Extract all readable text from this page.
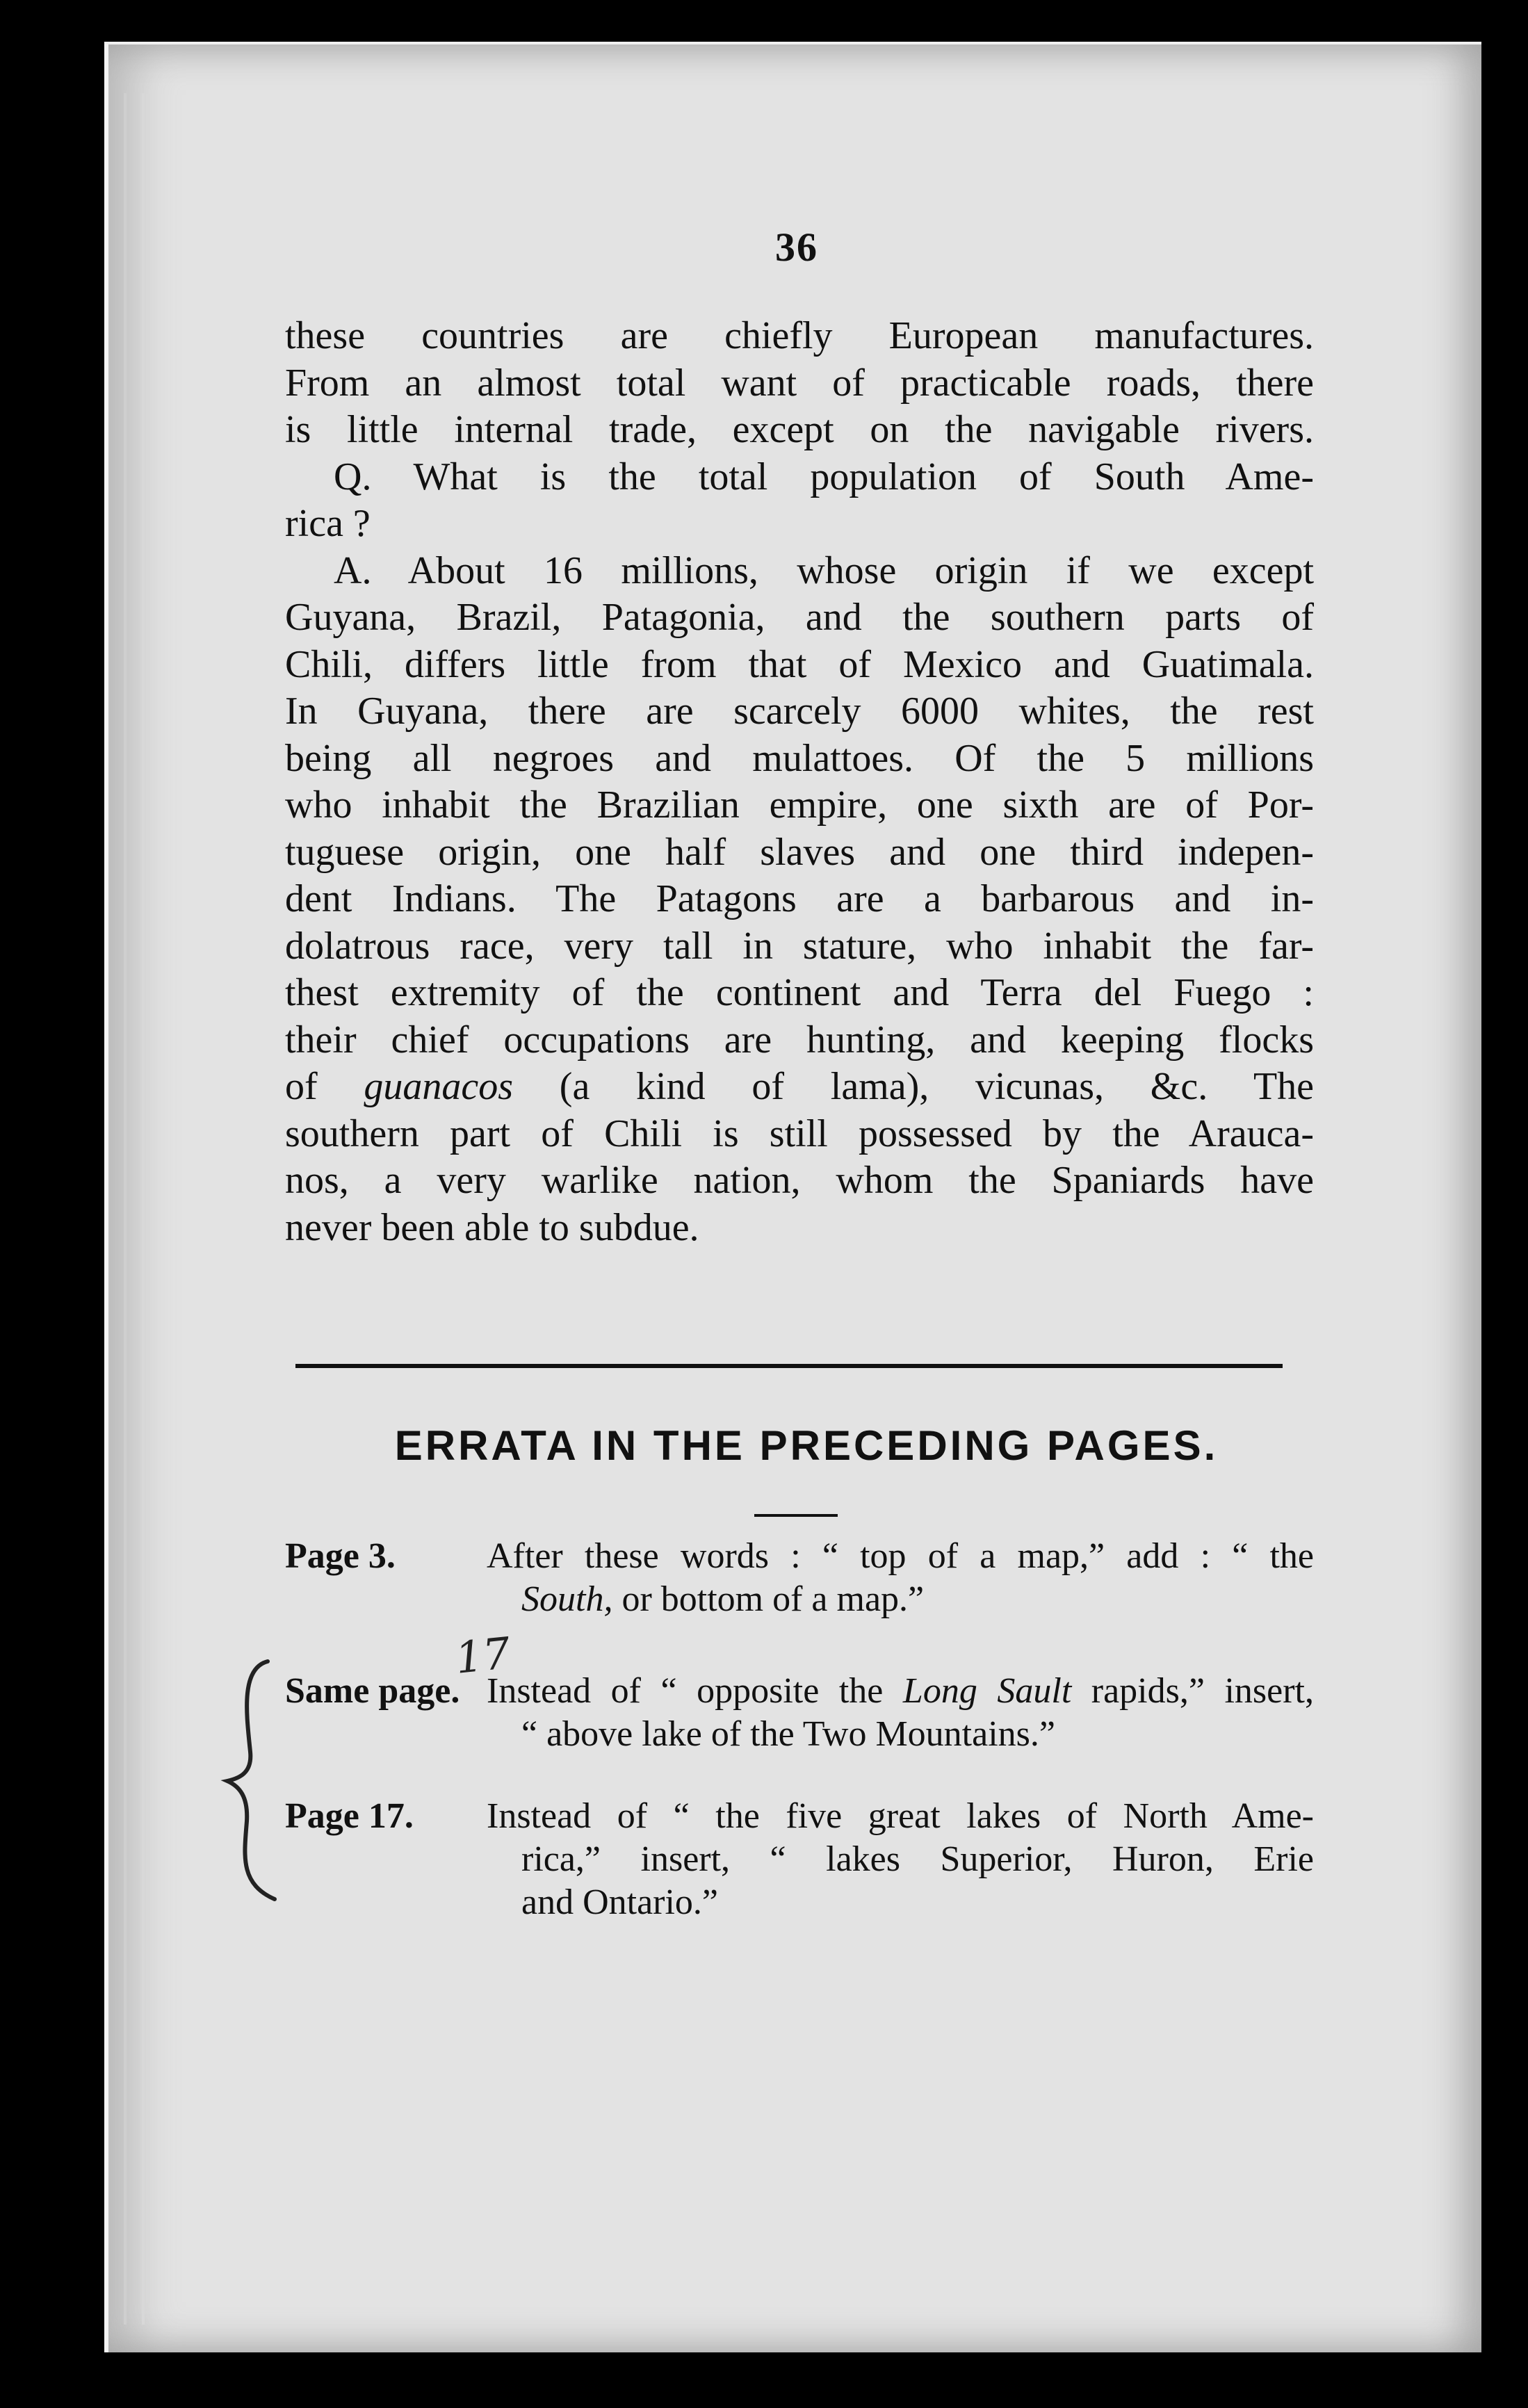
36
these countries are chiefly European manufactures.
From an almost total want of practicable roads, there
is little internal trade, except on the navigable rivers.
Q. What is the total population of South Ame-
rica ?
A. About 16 millions, whose origin if we except
Guyana, Brazil, Patagonia, and the southern parts of
Chili, differs little from that of Mexico and Guatimala.
In Guyana, there are scarcely 6000 whites, the rest
being all negroes and mulattoes. Of the 5 millions
who inhabit the Brazilian empire, one sixth are of Por-
tuguese origin, one half slaves and one third indepen-
dent Indians. The Patagons are a barbarous and in-
dolatrous race, very tall in stature, who inhabit the far-
thest extremity of the continent and Terra del Fuego :
their chief occupations are hunting, and keeping flocks
of guanacos (a kind of lama), vicunas, &c. The
southern part of Chili is still possessed by the Arauca-
nos, a very warlike nation, whom the Spaniards have
never been able to subdue.
ERRATA IN THE PRECEDING PAGES.
Page 3.	After these words : “ top of a map,” add : “ the
South, or bottom of a map.”
Same page. Instead of “ opposite the Long Sault rapids,” insert,
“ above lake of the Two Mountains.”
Page 17. Instead of “ the five great lakes of North Ame-
rica,” insert, “ lakes Superior, Huron, Erie
and Ontario.”
17
